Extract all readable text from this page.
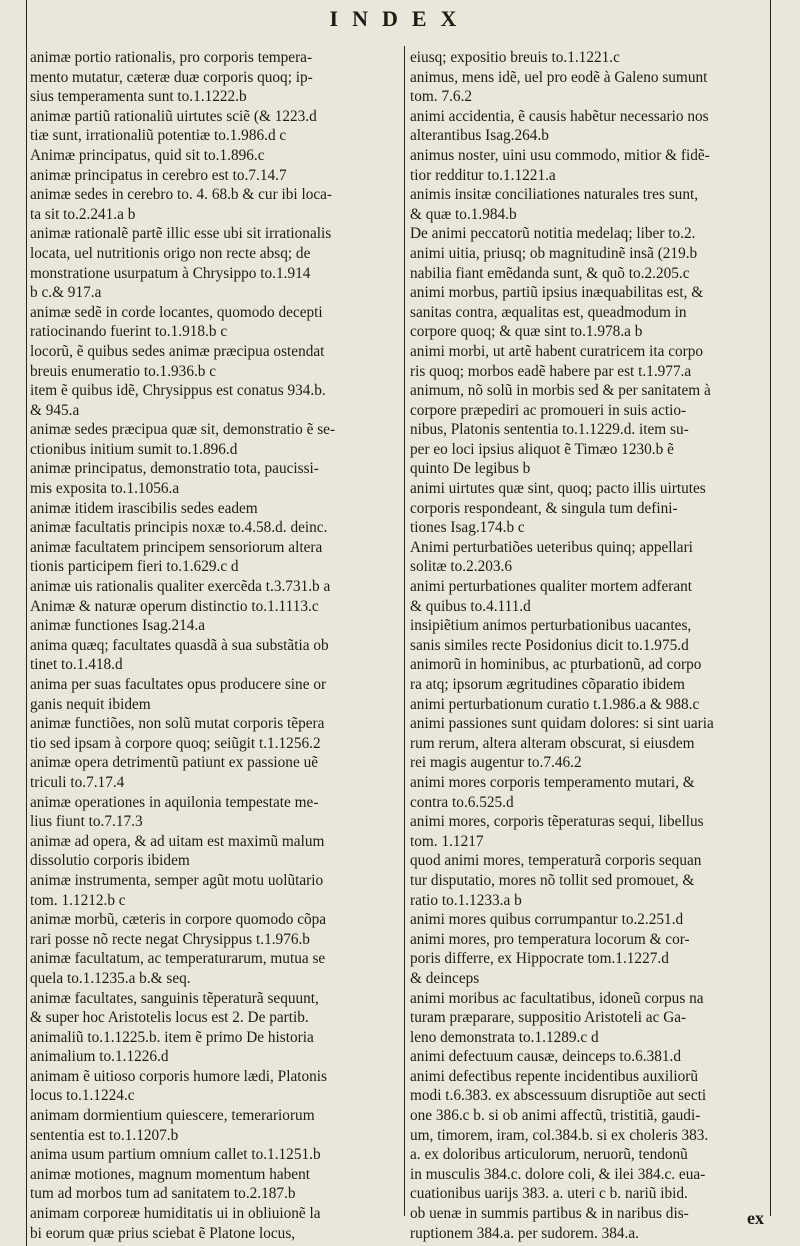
INDEX
animæ portio rationalis, pro corporis tempera-
mento mutatur, cæteræ duæ corporis quoq; ip-
sius temperamenta sunt to.1.1222.b
animæ partiũ rationaliũ uirtutes sciẽ (& 1223.d
tiæ sunt, irrationaliũ potentiæ to.1.986.d c
Animæ principatus, quid sit to.1.896.c
animæ principatus in cerebro est to.7.14.7
animæ sedes in cerebro to. 4. 68.b & cur ibi loca-
ta sit to.2.241.a b
animæ rationalẽ partẽ illic esse ubi sit irrationalis
locata, uel nutritionis origo non recte absq; de
monstratione usurpatum à Chrysippo to.1.914
b c.& 917.a
animæ sedẽ in corde locantes, quomodo decepti
ratiocinando fuerint to.1.918.b c
locorũ, ẽ quibus sedes animæ præcipua ostendat
breuis enumeratio to.1.936.b c
item ẽ quibus idẽ, Chrysippus est conatus 934.b.
& 945.a
animæ sedes præcipua quæ sit, demonstratio ẽ se-
ctionibus initium sumit to.1.896.d
animæ principatus, demonstratio tota, paucissi-
mis exposita to.1.1056.a
animæ itidem irascibilis sedes eadem
animæ facultatis principis noxæ to.4.58.d. deinc.
animæ facultatem principem sensoriorum altera
tionis participem fieri to.1.629.c d
animæ uis rationalis qualiter exercẽda t.3.731.b a
Animæ & naturæ operum distinctio to.1.1113.c
animæ functiones Isag.214.a
anima quæq; facultates quasdã à sua substãtia ob
tinet to.1.418.d
anima per suas facultates opus producere sine or
ganis nequit ibidem
animæ functiões, non solũ mutat corporis tẽpera
tio sed ipsam à corpore quoq; seiũgit t.1.1256.2
animæ opera detrimentũ patiunt ex passione uẽ
triculi to.7.17.4
animæ operationes in aquilonia tempestate me-
lius fiunt to.7.17.3
animæ ad opera, & ad uitam est maximũ malum
dissolutio corporis ibidem
animæ instrumenta, semper agũt motu uolũtario
tom. 1.1212.b c
animæ morbũ, cæteris in corpore quomodo cõpa
rari posse nõ recte negat Chrysippus t.1.976.b
animæ facultatum, ac temperaturarum, mutua se
quela to.1.1235.a b.& seq.
animæ facultates, sanguinis tẽperaturã sequunt,
& super hoc Aristotelis locus est 2. De partib.
animaliũ to.1.1225.b. item ẽ primo De historia
animalium to.1.1226.d
animam ẽ uitioso corporis humore lædi, Platonis
locus to.1.1224.c
animam dormientium quiescere, temerariorum
sententia est to.1.1207.b
anima usum partium omnium callet to.1.1251.b
animæ motiones, magnum momentum habent
tum ad morbos tum ad sanitatem to.2.187.b
animam corporeæ humiditatis ui in obliuionẽ la
bi eorum quæ prius sciebat ẽ Platone locus,
eiusq; expositio breuis to.1.1221.c
animus, mens idẽ, uel pro eodẽ à Galeno sumunt
tom. 7.6.2
animi accidentia, ẽ causis habẽtur necessario nos
alterantibus Isag.264.b
animus noster, uini usu commodo, mitior & fidẽ-
tior redditur to.1.1221.a
animis insitæ conciliationes naturales tres sunt,
& quæ to.1.984.b
De animi peccatorũ notitia medelaq; liber to.2.
animi uitia, priusq; ob magnitudinẽ insã (219.b
nabilia fiant emẽdanda sunt, & quõ to.2.205.c
animi morbus, partiũ ipsius inæquabilitas est, &
sanitas contra, æqualitas est, queadmodum in
corpore quoq; & quæ sint to.1.978.a b
animi morbi, ut artẽ habent curatricem ita corpo
ris quoq; morbos eadẽ habere par est t.1.977.a
animum, nõ solũ in morbis sed & per sanitatem à
corpore præpediri ac promoueri in suis actio-
nibus, Platonis sententia to.1.1229.d. item su-
per eo loci ipsius aliquot ẽ Timæo 1230.b ẽ
quinto De legibus b
animi uirtutes quæ sint, quoq; pacto illis uirtutes
corporis respondeant, & singula tum defini-
tiones Isag.174.b c
Animi perturbatiões ueteribus quinq; appellari
solitæ to.2.203.6
animi perturbationes qualiter mortem adferant
& quibus to.4.111.d
insipiẽtium animos perturbationibus uacantes,
sanis similes recte Posidonius dicit to.1.975.d
animorũ in hominibus, ac pturbationũ, ad corpo
ra atq; ipsorum ægritudines cõparatio ibidem
animi perturbationum curatio t.1.986.a & 988.c
animi passiones sunt quidam dolores: si sint uaria
rum rerum, altera alteram obscurat, si eiusdem
rei magis augentur to.7.46.2
animi mores corporis temperamento mutari, &
contra to.6.525.d
animi mores, corporis tẽperaturas sequi, libellus
tom. 1.1217
quod animi mores, temperaturã corporis sequan
tur disputatio, mores nõ tollit sed promouet, &
ratio to.1.1233.a b
animi mores quibus corrumpantur to.2.251.d
animi mores, pro temperatura locorum & cor-
poris differre, ex Hippocrate tom.1.1227.d
& deinceps
animi moribus ac facultatibus, idoneũ corpus na
turam præparare, suppositio Aristoteli ac Ga-
leno demonstrata to.1.1289.c d
animi defectuum causæ, deinceps to.6.381.d
animi defectibus repente incidentibus auxiliorũ
modi t.6.383. ex abscessuum disruptiõe aut secti
one 386.c b. si ob animi affectũ, tristitiã, gaudi-
um, timorem, iram, col.384.b. si ex choleris 383.
a. ex doloribus articulorum, neruorũ, tendonũ
in musculis 384.c. dolore coli, & ilei 384.c. eua-
cuationibus uarijs 383. a. uteri c b. nariũ ibid.
ob uenæ in summis partibus & in naribus dis-
ruptionem 384.a. per sudorem. 384.a.
ex
